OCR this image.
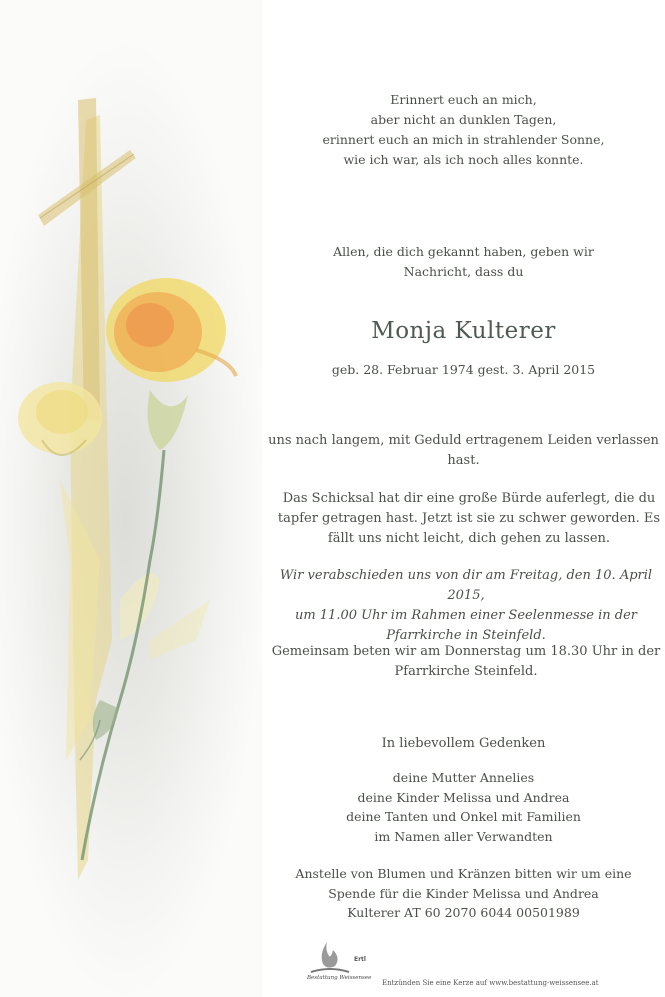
Erinnert euch an mich,
aber nicht an dunklen Tagen,
erinnert euch an mich in strahlender Sonne,
wie ich war, als ich noch alles konnte.
Allen, die dich gekannt haben, geben wir
Nachricht, dass du
Monja Kulterer
geb. 28. Februar 1974 gest. 3. April 2015
uns nach langem, mit Geduld ertragenem Leiden verlassen
hast.
Das Schicksal hat dir eine große Bürde auferlegt, die du
tapfer getragen hast. Jetzt ist sie zu schwer geworden. Es
fällt uns nicht leicht, dich gehen zu lassen.
Wir verabschieden uns von dir am Freitag, den 10. April 2015,
um 11.00 Uhr im Rahmen einer Seelenmesse in der
Pfarrkirche in Steinfeld.
Gemeinsam beten wir am Donnerstag um 18.30 Uhr in der
Pfarrkirche Steinfeld.
In liebevollem Gedenken
deine Mutter Annelies
deine Kinder Melissa und Andrea
deine Tanten und Onkel mit Familien
im Namen aller Verwandten
Anstelle von Blumen und Kränzen bitten wir um eine
Spende für die Kinder Melissa und Andrea
Kulterer AT 60 2070 6044 00501989
Ertl
Bestattung Weissensee
Entzünden Sie eine Kerze auf www.bestattung-weissensee.at
